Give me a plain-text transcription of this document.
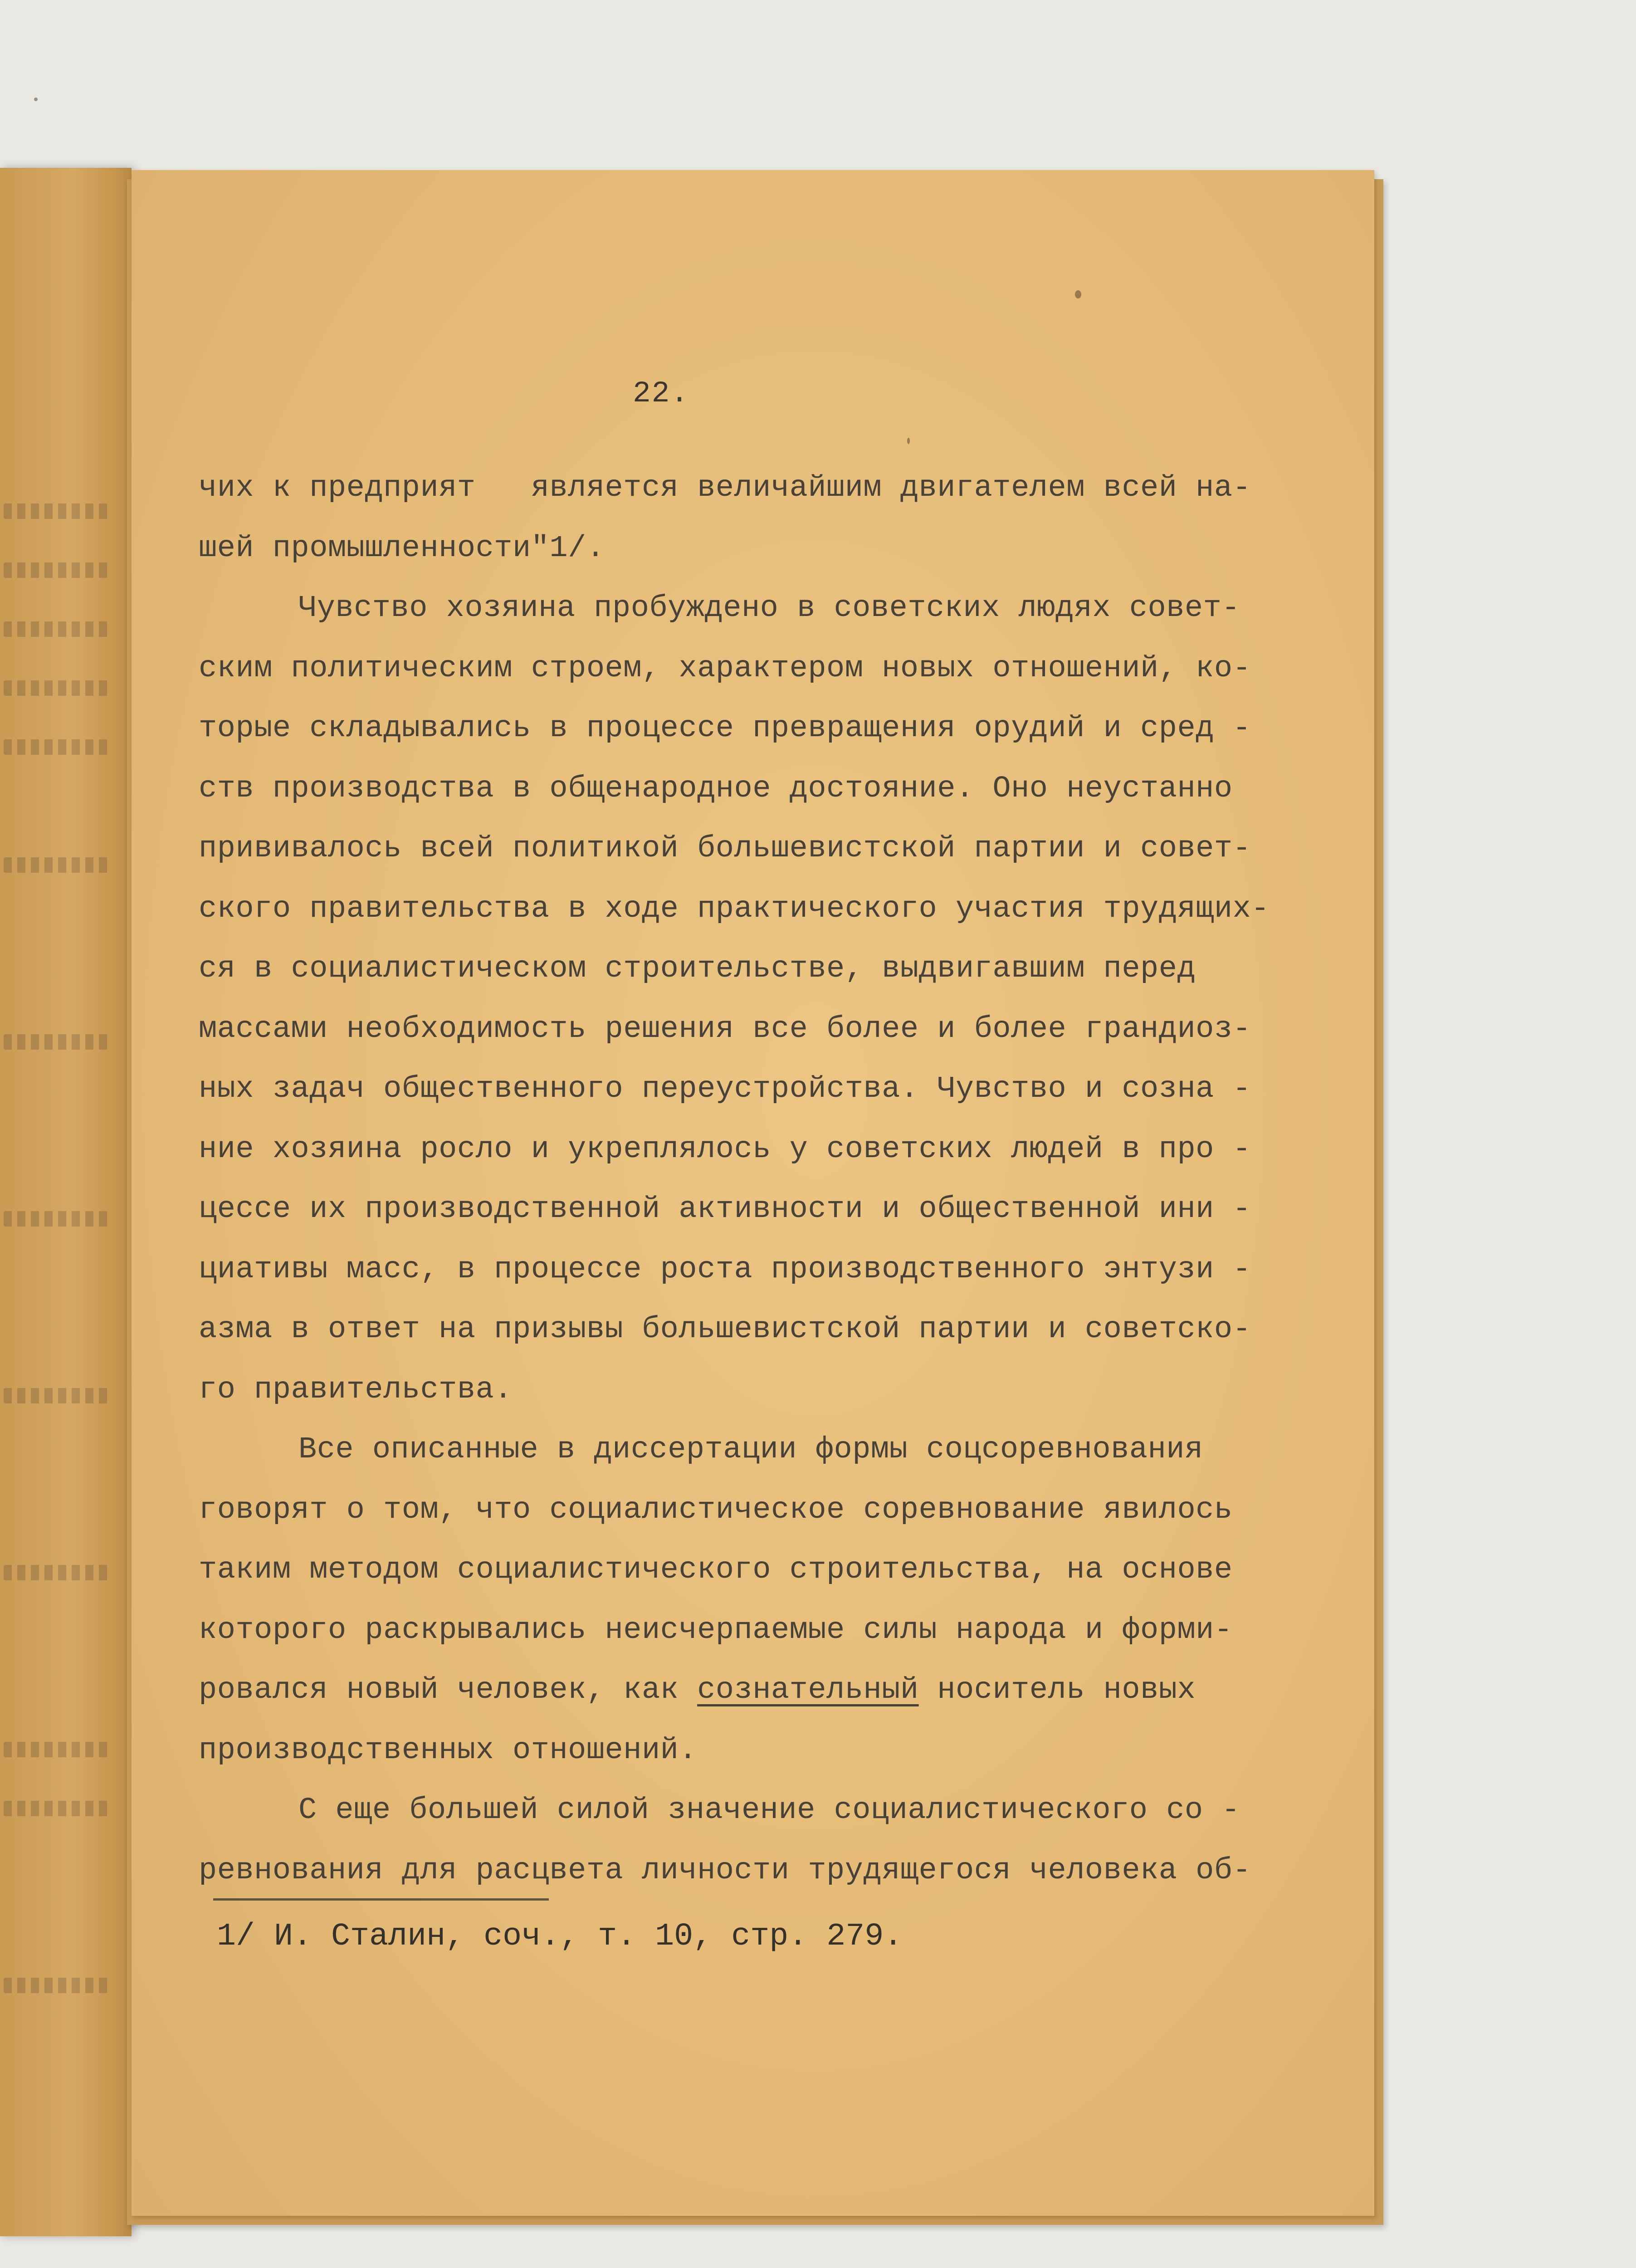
22.
чих к предприят   является величайшим двигателем всей на-
шей промышленности"1/.
Чувство хозяина пробуждено в советских людях совет-
ским политическим строем, характером новых отношений, ко-
торые складывались в процессе превращения орудий и сред -
ств производства в общенародное достояние. Оно неустанно
прививалось всей политикой большевистской партии и совет-
ского правительства в ходе практического участия трудящих-
ся в социалистическом строительстве, выдвигавшим перед
массами необходимость решения все более и более грандиоз-
ных задач общественного переустройства. Чувство и созна -
ние хозяина росло и укреплялось у советских людей в про -
цессе их производственной активности и общественной ини -
циативы масс, в процессе роста производственного энтузи -
азма в ответ на призывы большевистской партии и советско-
го правительства.
Все описанные в диссертации формы соцсоревнования
говорят о том, что социалистическое соревнование явилось
таким методом социалистического строительства, на основе
которого раскрывались неисчерпаемые силы народа и форми-
ровался новый человек, как сознательный носитель новых
производственных отношений.
С еще большей силой значение социалистического со -
ревнования для расцвета личности трудящегося человека об-
1/ И. Сталин, соч., т. 10, стр. 279.
